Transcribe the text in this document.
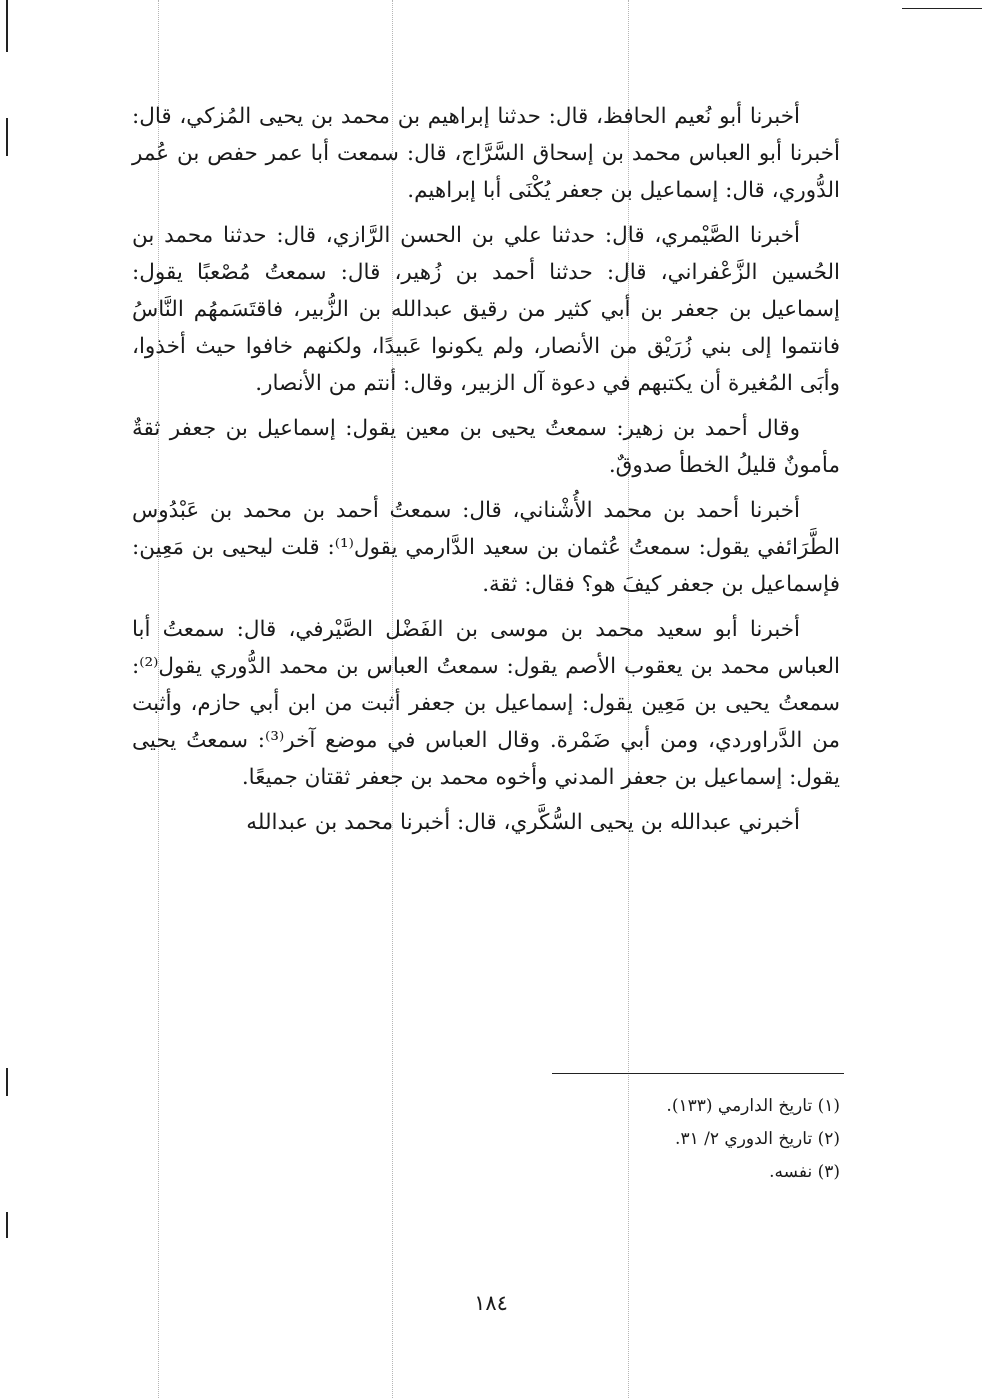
أخبرنا أبو نُعيم الحافظ، قال: حدثنا إبراهيم بن محمد بن يحيى المُزكي، قال: أخبرنا أبو العباس محمد بن إسحاق السَّرَّاج، قال: سمعت أبا عمر حفص بن عُمر الدُّوري، قال: إسماعيل بن جعفر يُكْنَى أبا إبراهيم.

أخبرنا الصَّيْمري، قال: حدثنا علي بن الحسن الرَّازي، قال: حدثنا محمد بن الحُسين الزَّعْفراني، قال: حدثنا أحمد بن زُهير، قال: سمعتُ مُصْعبًا يقول: إسماعيل بن جعفر بن أبي كثير من رقيق عبدالله بن الزُّبير، فاقتَسَمهُم النَّاسُ فانتموا إلى بني زُرَيْق من الأنصار، ولم يكونوا عَبيدًا، ولكنهم خافوا حيث أخذوا، وأبَى المُغيرة أن يكتبهم في دعوة آل الزبير، وقال: أنتم من الأنصار.

وقال أحمد بن زهير: سمعتُ يحيى بن معين يقول: إسماعيل بن جعفر ثقةٌ مأمونٌ قليلُ الخطأ صدوقٌ.

أخبرنا أحمد بن محمد الأُشْناني، قال: سمعتُ أحمد بن محمد بن عَبْدُوس الطَّرَائفي يقول: سمعتُ عُثمان بن سعيد الدَّارمي يقول⁽¹⁾: قلت ليحيى بن مَعِين: فإسماعيل بن جعفر كيفَ هو؟ فقال: ثقة.

أخبرنا أبو سعيد محمد بن موسى بن الفَضْل الصَّيْرفي، قال: سمعتُ أبا العباس محمد بن يعقوب الأصم يقول: سمعتُ العباس بن محمد الدُّوري يقول⁽²⁾: سمعتُ يحيى بن مَعِين يقول: إسماعيل بن جعفر أثبت من ابن أبي حازم، وأثبت من الدَّراوردي، ومن أبي ضَمْرة. وقال العباس في موضع آخر⁽³⁾: سمعتُ يحيى يقول: إسماعيل بن جعفر المدني وأخوه محمد بن جعفر ثقتان جميعًا.

أخبرني عبدالله بن يحيى السُّكَّري، قال: أخبرنا محمد بن عبدالله

(١) تاريخ الدارمي (١٣٣).
(٢) تاريخ الدوري ٢/ ٣١.
(٣) نفسه.
١٨٤
